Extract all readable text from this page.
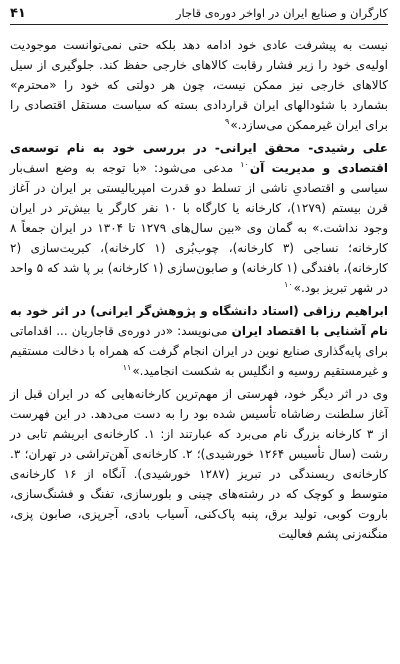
کارگران و صنایع ایران در اواخر دوره‌ی قاجار
۴۱

نیست به پیشرفت عادی خود ادامه دهد بلکه حتی نمی‌توانست موجودیت اولیه‌ی خود را زیر فشار رقابت کالاهای خارجی حفظ کند. جلوگیری از سیل کالاهای خارجی نیز ممکن نیست، چون هر دولتی که خود را «محترم» بشمارد با شئودالهای ایران قراردادی بسته که سیاست مستقل اقتصادی را برای ایران غیرممکن می‌سازد.»$^۹$

علی رشیدی- محقق ایرانی- در بررسی خود به نام توسعه‌ی اقتصادی و مدیریت آن$^{۱۰}$ مدعی می‌شود: «با توجه به وضع اسف‌بار سیاسی و اقتصادیِ ناشی از تسلط دو قدرت امپریالیستی بر ایران در آغاز قرن بیستم (۱۲۷۹)، کارخانه یا کارگاه با ۱۰ نفر کارگر یا بیش‌تر در ایران وجود نداشت.» به گمان وی «بین سال‌های ۱۲۷۹ تا ۱۳۰۴ در ایران جمعاً ۸ کارخانه؛ نساجی (۳ کارخانه)، چوب‌بُری (۱ کارخانه)، کبریت‌سازی (۲ کارخانه)، بافندگی (۱ کارخانه) و صابون‌سازی (۱ کارخانه) بر پا شد که ۵ واحد در شهر تبریز بود.»$^{۱۰}$

ابراهیم رزاقی (استاد دانشگاه و پژوهش‌گر ایرانی) در اثر خود به نام آشنایی با اقتصاد ایران می‌نویسد: «در دوره‌ی قاجاریان ... اقداماتی برای پایه‌گذاری صنایع نوین در ایران انجام گرفت که همراه با دخالت مستقیم و غیرمستقیم روسیه و انگلیس به شکست انجامید.»$^{۱۱}$

وی در اثر دیگر خود، فهرستی از مهم‌ترین کارخانه‌هایی که در ایران قبل از آغاز سلطنت رضاشاه تأسیس شده بود را به دست می‌دهد. در این فهرست از ۳ کارخانه بزرگ نام می‌برد که عبارتند از: ۱. کارخانه‌ی ابریشم تابی در رشت (سال تأسیس ۱۲۶۴ خورشیدی)؛ ۲. کارخانه‌ی آهن‌تراشی در تهران؛ ۳. کارخانه‌ی ریسندگی در تبریز (۱۲۸۷ خورشیدی). آنگاه از ۱۶ کارخانه‌ی متوسط و کوچک که در رشته‌های چینی و بلورسازی، تفنگ و فشنگ‌سازی، باروت کوبی، تولید برق، پنبه پاک‌کنی، آسیاب بادی، آجرپزی، صابون پزی، منگنه‌زنی پشم فعالیت
